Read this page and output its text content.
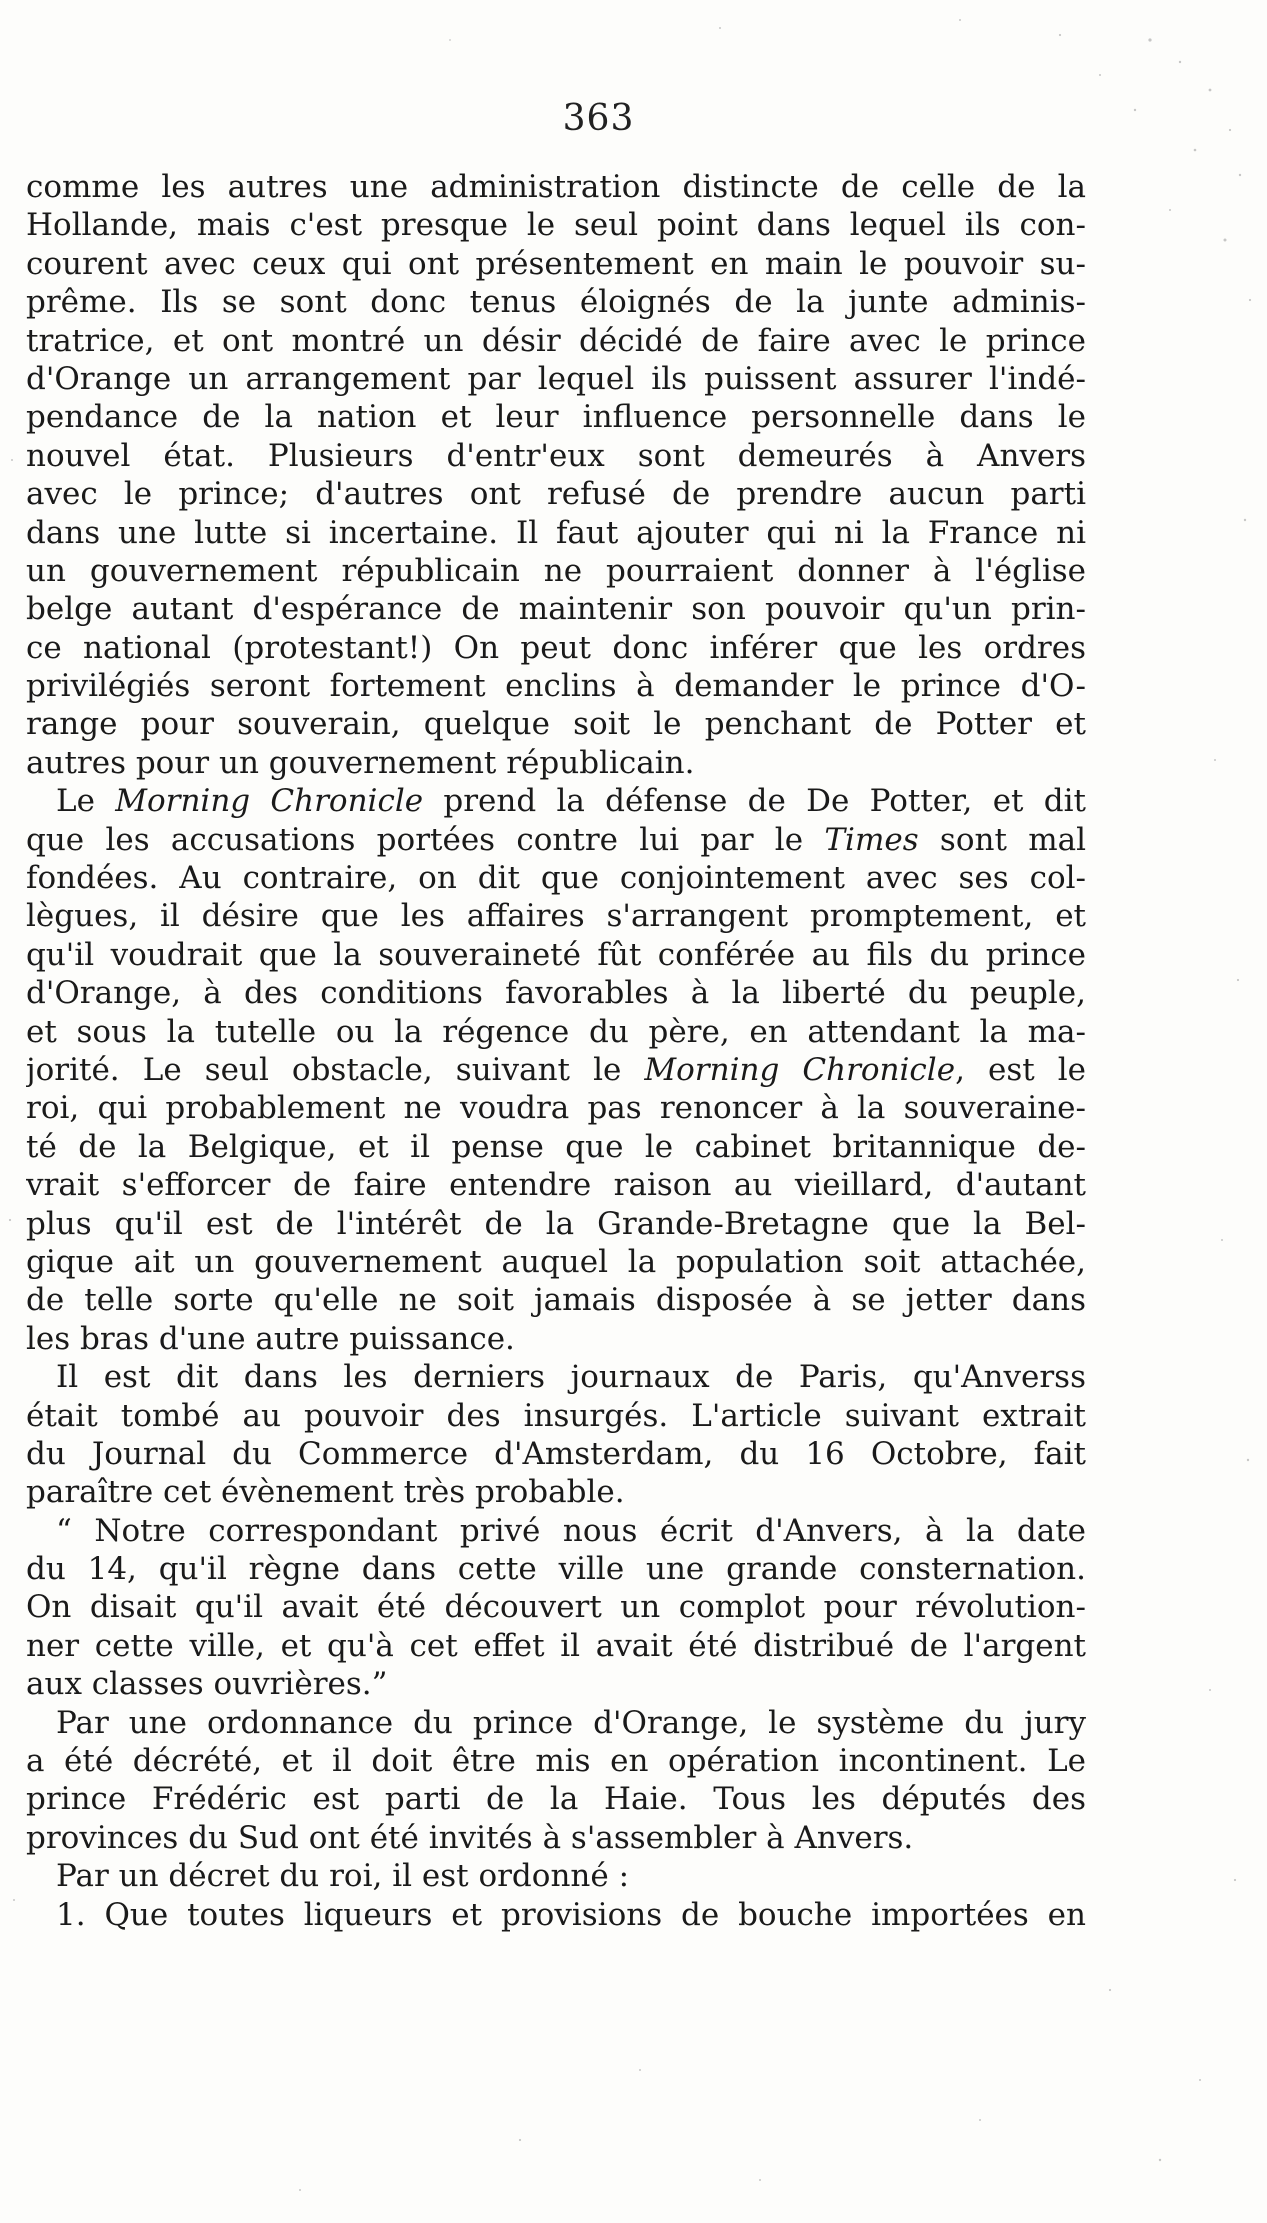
363

comme les autres une administration distincte de celle de la
Hollande, mais c'est presque le seul point dans lequel ils con-
courent avec ceux qui ont présentement en main le pouvoir su-
prême. Ils se sont donc tenus éloignés de la junte adminis-
tratrice, et ont montré un désir décidé de faire avec le prince
d'Orange un arrangement par lequel ils puissent assurer l'indé-
pendance de la nation et leur influence personnelle dans le
nouvel état. Plusieurs d'entr'eux sont demeurés à Anvers
avec le prince; d'autres ont refusé de prendre aucun parti
dans une lutte si incertaine. Il faut ajouter qui ni la France ni
un gouvernement républicain ne pourraient donner à l'église
belge autant d'espérance de maintenir son pouvoir qu'un prin-
ce national (protestant!) On peut donc inférer que les ordres
privilégiés seront fortement enclins à demander le prince d'O-
range pour souverain, quelque soit le penchant de Potter et
autres pour un gouvernement républicain.

Le Morning Chronicle prend la défense de De Potter, et dit
que les accusations portées contre lui par le Times sont mal
fondées. Au contraire, on dit que conjointement avec ses col-
lègues, il désire que les affaires s'arrangent promptement, et
qu'il voudrait que la souveraineté fût conférée au fils du prince
d'Orange, à des conditions favorables à la liberté du peuple,
et sous la tutelle ou la régence du père, en attendant la ma-
jorité. Le seul obstacle, suivant le Morning Chronicle, est le
roi, qui probablement ne voudra pas renoncer à la souveraine-
té de la Belgique, et il pense que le cabinet britannique de-
vrait s'efforcer de faire entendre raison au vieillard, d'autant
plus qu'il est de l'intérêt de la Grande-Bretagne que la Bel-
gique ait un gouvernement auquel la population soit attachée,
de telle sorte qu'elle ne soit jamais disposée à se jetter dans
les bras d'une autre puissance.

Il est dit dans les derniers journaux de Paris, qu'Anverss
était tombé au pouvoir des insurgés. L'article suivant extrait
du Journal du Commerce d'Amsterdam, du 16 Octobre, fait
paraître cet évènement très probable.

“ Notre correspondant privé nous écrit d'Anvers, à la date
du 14, qu'il règne dans cette ville une grande consternation.
On disait qu'il avait été découvert un complot pour révolution-
ner cette ville, et qu'à cet effet il avait été distribué de l'argent
aux classes ouvrières.”

Par une ordonnance du prince d'Orange, le système du jury
a été décrété, et il doit être mis en opération incontinent. Le
prince Frédéric est parti de la Haie. Tous les députés des
provinces du Sud ont été invités à s'assembler à Anvers.

Par un décret du roi, il est ordonné :
1. Que toutes liqueurs et provisions de bouche importées en
